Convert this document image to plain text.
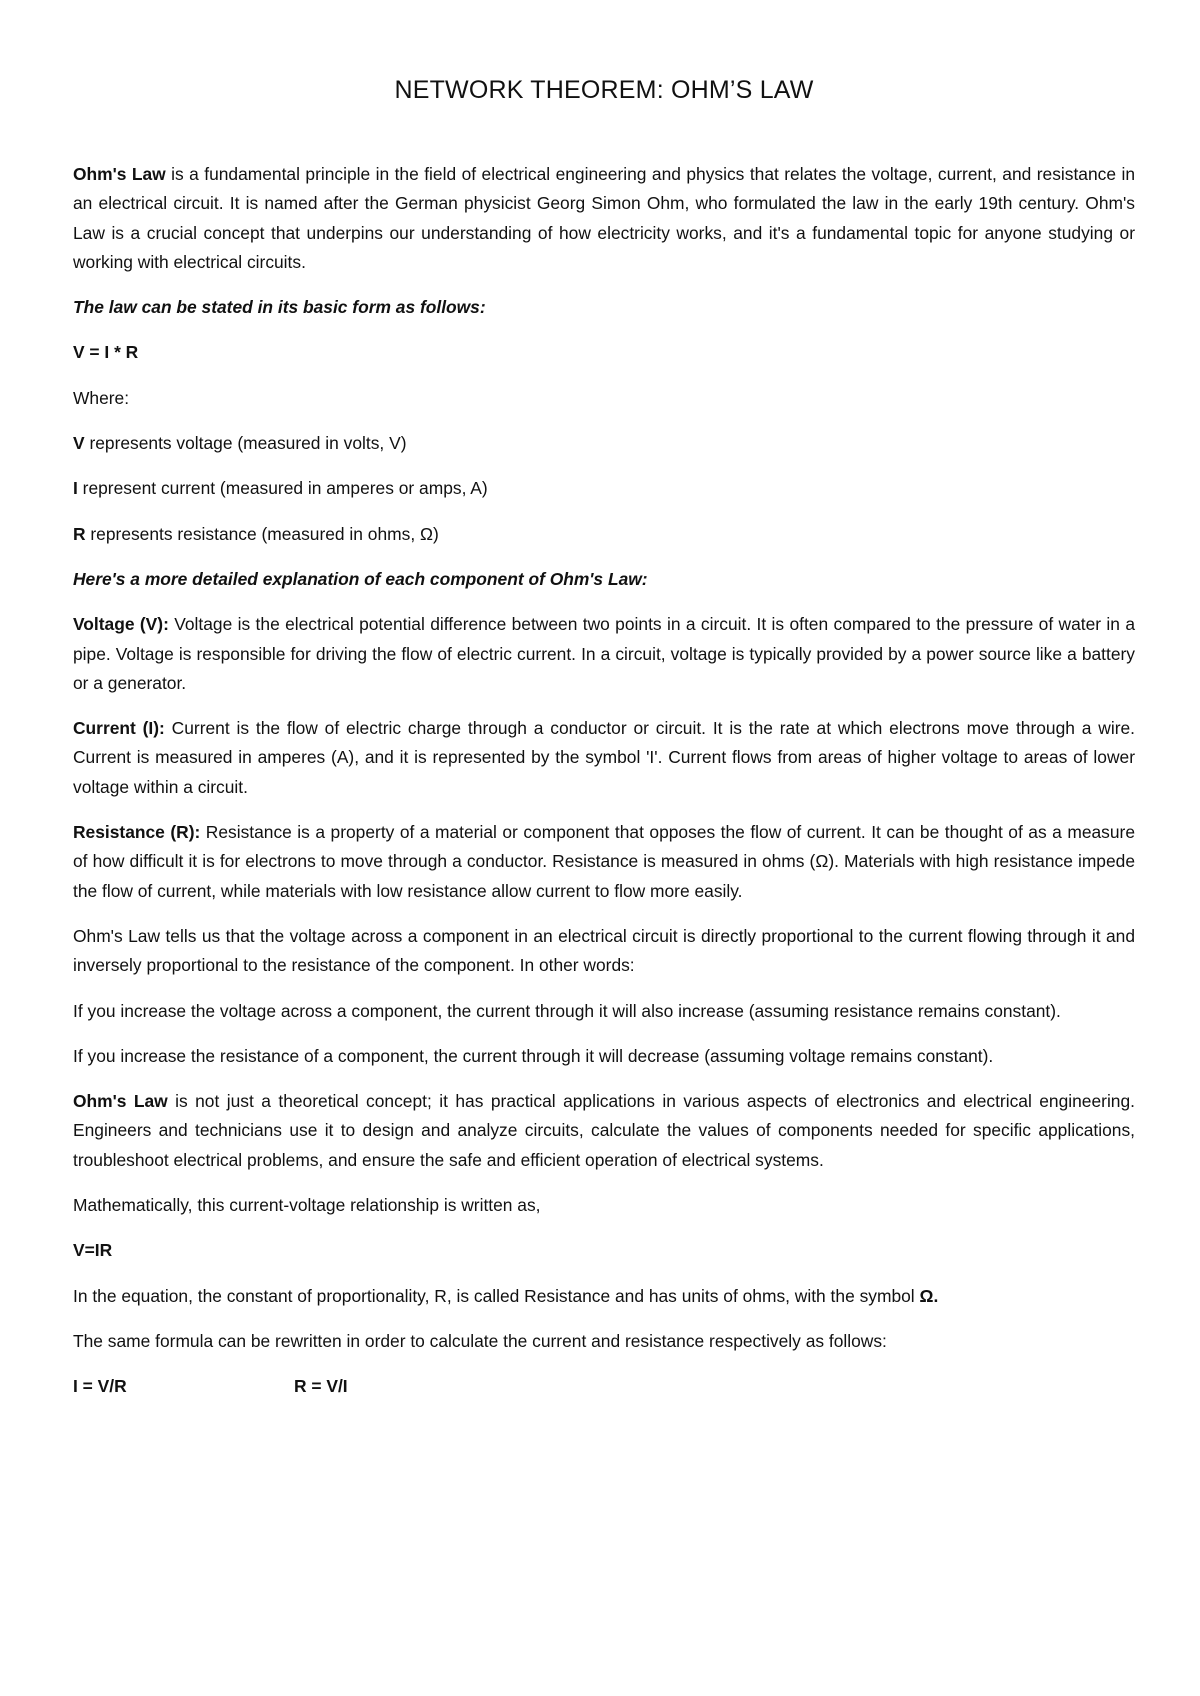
NETWORK THEOREM: OHM’S LAW

Ohm's Law is a fundamental principle in the field of electrical engineering and physics that relates the voltage, current, and resistance in an electrical circuit. It is named after the German physicist Georg Simon Ohm, who formulated the law in the early 19th century. Ohm's Law is a crucial concept that underpins our understanding of how electricity works, and it's a fundamental topic for anyone studying or working with electrical circuits.

The law can be stated in its basic form as follows:

V = I * R

Where:

V represents voltage (measured in volts, V)

I represent current (measured in amperes or amps, A)

R represents resistance (measured in ohms, Ω)

Here's a more detailed explanation of each component of Ohm's Law:

Voltage (V): Voltage is the electrical potential difference between two points in a circuit. It is often compared to the pressure of water in a pipe. Voltage is responsible for driving the flow of electric current. In a circuit, voltage is typically provided by a power source like a battery or a generator.

Current (I): Current is the flow of electric charge through a conductor or circuit. It is the rate at which electrons move through a wire. Current is measured in amperes (A), and it is represented by the symbol 'I'. Current flows from areas of higher voltage to areas of lower voltage within a circuit.

Resistance (R): Resistance is a property of a material or component that opposes the flow of current. It can be thought of as a measure of how difficult it is for electrons to move through a conductor. Resistance is measured in ohms (Ω). Materials with high resistance impede the flow of current, while materials with low resistance allow current to flow more easily.

Ohm's Law tells us that the voltage across a component in an electrical circuit is directly proportional to the current flowing through it and inversely proportional to the resistance of the component. In other words:

If you increase the voltage across a component, the current through it will also increase (assuming resistance remains constant).

If you increase the resistance of a component, the current through it will decrease (assuming voltage remains constant).

Ohm's Law is not just a theoretical concept; it has practical applications in various aspects of electronics and electrical engineering. Engineers and technicians use it to design and analyze circuits, calculate the values of components needed for specific applications, troubleshoot electrical problems, and ensure the safe and efficient operation of electrical systems.

Mathematically, this current-voltage relationship is written as,

V=IR

In the equation, the constant of proportionality, R, is called Resistance and has units of ohms, with the symbol Ω.

The same formula can be rewritten in order to calculate the current and resistance respectively as follows:

I = V/R	R = V/I
